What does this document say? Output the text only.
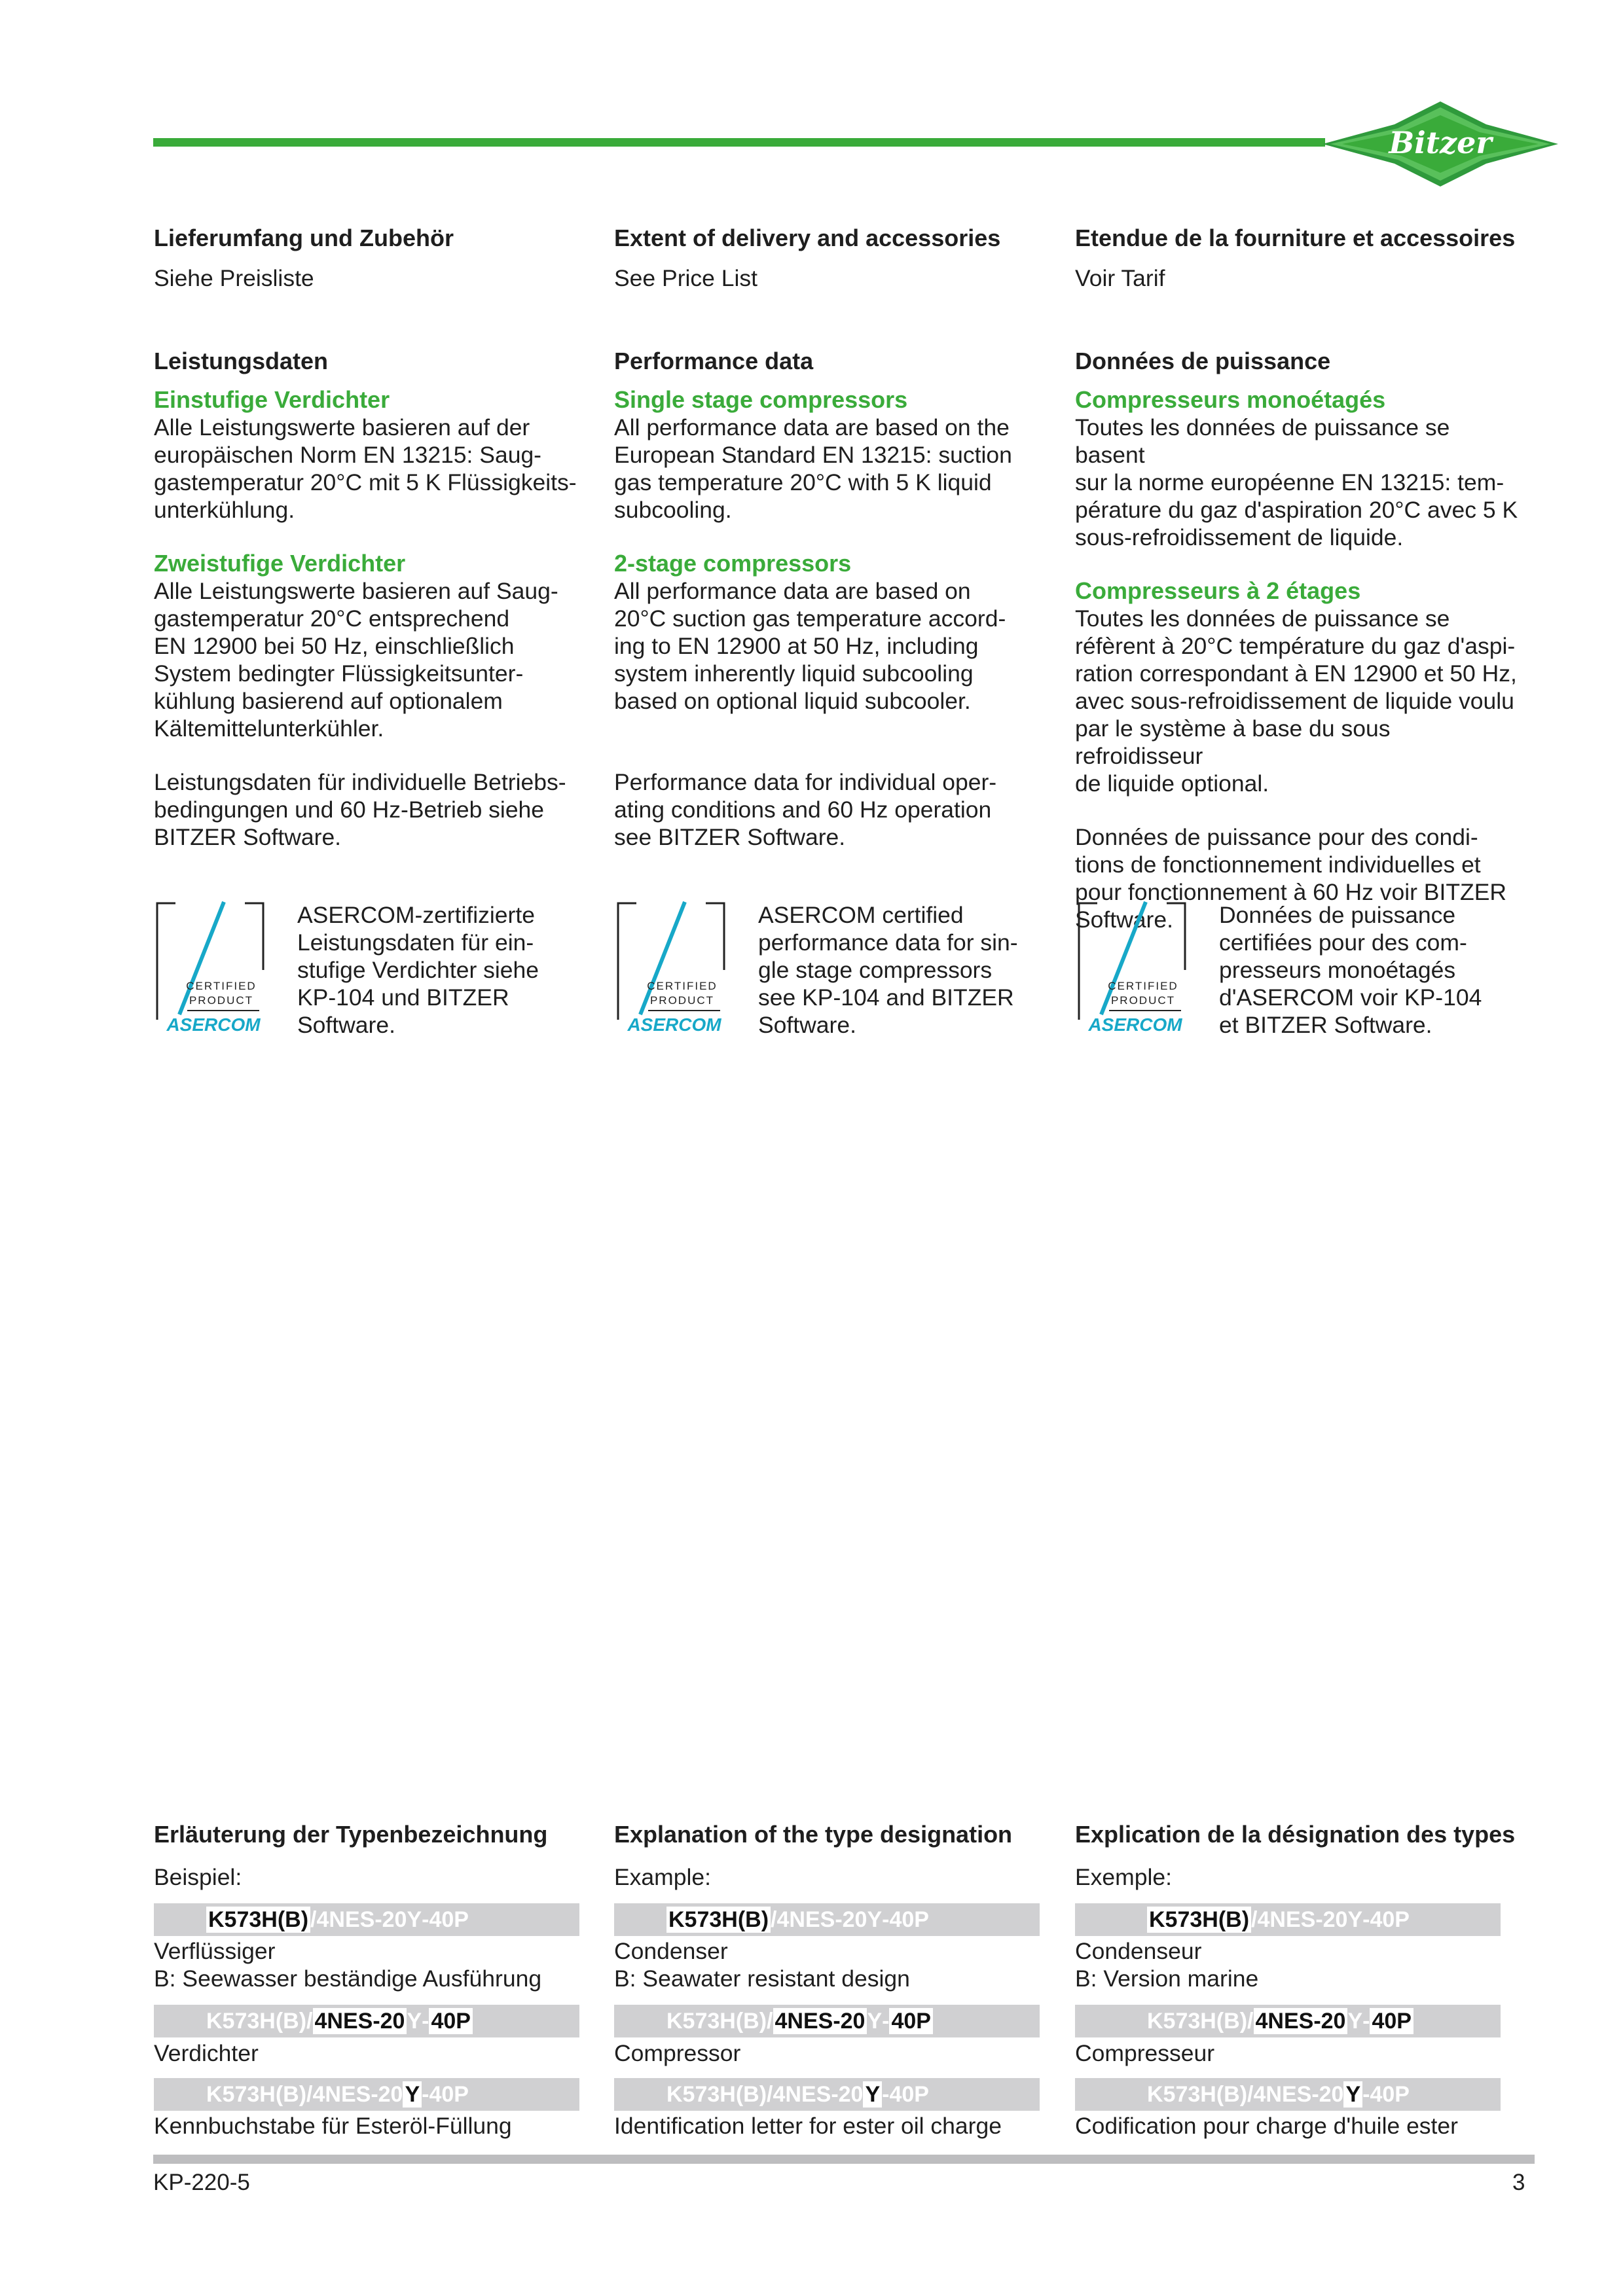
Bitzer

Lieferumfang und Zubehör

Siehe Preisliste

Extent of delivery and accessories

See Price List

Etendue de la fourniture et accessoires

Voir Tarif

Leistungsdaten

Einstufige Verdichter

Alle Leistungswerte basieren auf der
europäischen Norm EN 13215: Saug-
gastemperatur 20°C mit 5 K Flüssigkeits-
unterkühlung.

Zweistufige Verdichter

Alle Leistungswerte basieren auf Saug-
gastemperatur 20°C entsprechend
EN 12900 bei 50 Hz, einschließlich
System bedingter Flüssigkeitsunter-
kühlung basierend auf optionalem
Kältemittelunterkühler.

Leistungsdaten für individuelle Betriebs-
bedingungen und 60 Hz-Betrieb siehe
BITZER Software.

Performance data

Single stage compressors

All performance data are based on the
European Standard EN 13215: suction
gas temperature 20°C with 5 K liquid
subcooling.

2-stage compressors

All performance data are based on
20°C suction gas temperature accord-
ing to EN 12900 at 50 Hz, including
system inherently liquid subcooling
based on optional liquid subcooler.

Performance data for individual oper-
ating conditions and 60 Hz operation
see BITZER Software.

Données de puissance

Compresseurs monoétagés

Toutes les données de puissance se basent
sur la norme européenne EN 13215: tem-
pérature du gaz d'aspiration 20°C avec 5 K
sous-refroidissement de liquide.

Compresseurs à 2 étages

Toutes les données de puissance se
réfèrent à 20°C température du gaz d'aspi-
ration correspondant à EN 12900 et 50 Hz,
avec sous-refroidissement de liquide voulu
par le système à base du sous refroidisseur
de liquide optional.

Données de puissance pour des condi-
tions de fonctionnement individuelles et
pour fonctionnement à 60 Hz voir BITZER
Software.

CERTIFIED
PRODUCT
ASERCOM
CERTIFIED
PRODUCT
ASERCOM
CERTIFIED
PRODUCT
ASERCOM

ASERCOM-zertifizierte
Leistungsdaten für ein-
stufige Verdichter siehe
KP-104 und BITZER
Software.

ASERCOM certified
performance data for sin-
gle stage compressors
see KP-104 and BITZER
Software.

Données de puissance
certifiées pour des com-
presseurs monoétagés
d'ASERCOM voir KP-104
et BITZER Software.

Erläuterung der Typenbezeichnung

Beispiel:

Explanation of the type designation

Example:

Explication de la désignation des types

Exemple:

K573H(B)/4NES-20Y-40P	K573H(B)/4NES-20Y-40P	K573H(B)/4NES-20Y-40P

Verflüssiger
B: Seewasser beständige Ausführung

Condenser
B: Seawater resistant design

Condenseur
B: Version marine

K573H(B)/4NES-20Y-40P	K573H(B)/4NES-20Y-40P	K573H(B)/4NES-20Y-40P

Verdichter	Compressor	Compresseur

K573H(B)/4NES-20Y-40P	K573H(B)/4NES-20Y-40P	K573H(B)/4NES-20Y-40P

Kennbuchstabe für Esteröl-Füllung	Identification letter for ester oil charge	Codification pour charge d'huile ester

KP-220-5	3
